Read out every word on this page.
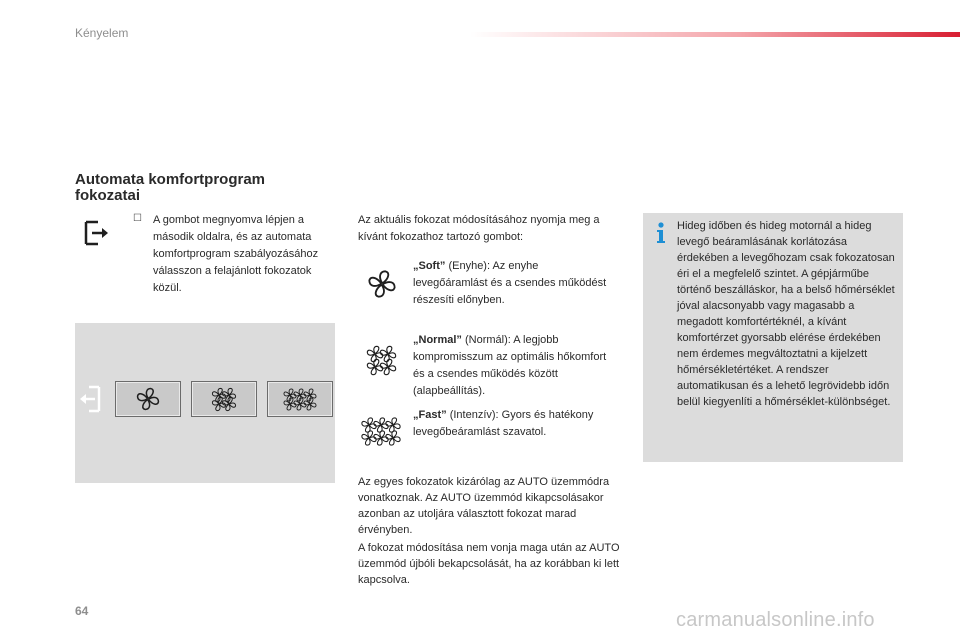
Kényelem
Automata komfortprogram
fokozatai
☐ A gombot megnyomva lépjen a második oldalra, és az automata komfortprogram szabályozásához válasszon a felajánlott fokozatok közül.
Az aktuális fokozat módosításához nyomja meg a kívánt fokozathoz tartozó gombot:
„Soft” (Enyhe): Az enyhe levegőáramlást és a csendes működést részesíti előnyben.
„Normal” (Normál): A legjobb kompromisszum az optimális hőkomfort és a csendes működés között (alapbeállítás).
„Fast” (Intenzív): Gyors és hatékony levegőbeáramlást szavatol.
Az egyes fokozatok kizárólag az AUTO üzemmódra vonatkoznak. Az AUTO üzemmód kikapcsolásakor azonban az utoljára választott fokozat marad érvényben.
A fokozat módosítása nem vonja maga után az AUTO üzemmód újbóli bekapcsolását, ha az korábban ki lett kapcsolva.
Hideg időben és hideg motornál a hideg levegő beáramlásának korlátozása érdekében a levegőhozam csak fokozatosan éri el a megfelelő szintet. A gépjárműbe történő beszálláskor, ha a belső hőmérséklet jóval alacsonyabb vagy magasabb a megadott komfortértéknél, a kívánt komfortérzet gyorsabb elérése érdekében nem érdemes megváltoztatni a kijelzett hőmérsékletértéket. A rendszer automatikusan és a lehető legrövidebb időn belül kiegyenlíti a hőmérséklet-különbséget.
64	carmanualsonline.info
